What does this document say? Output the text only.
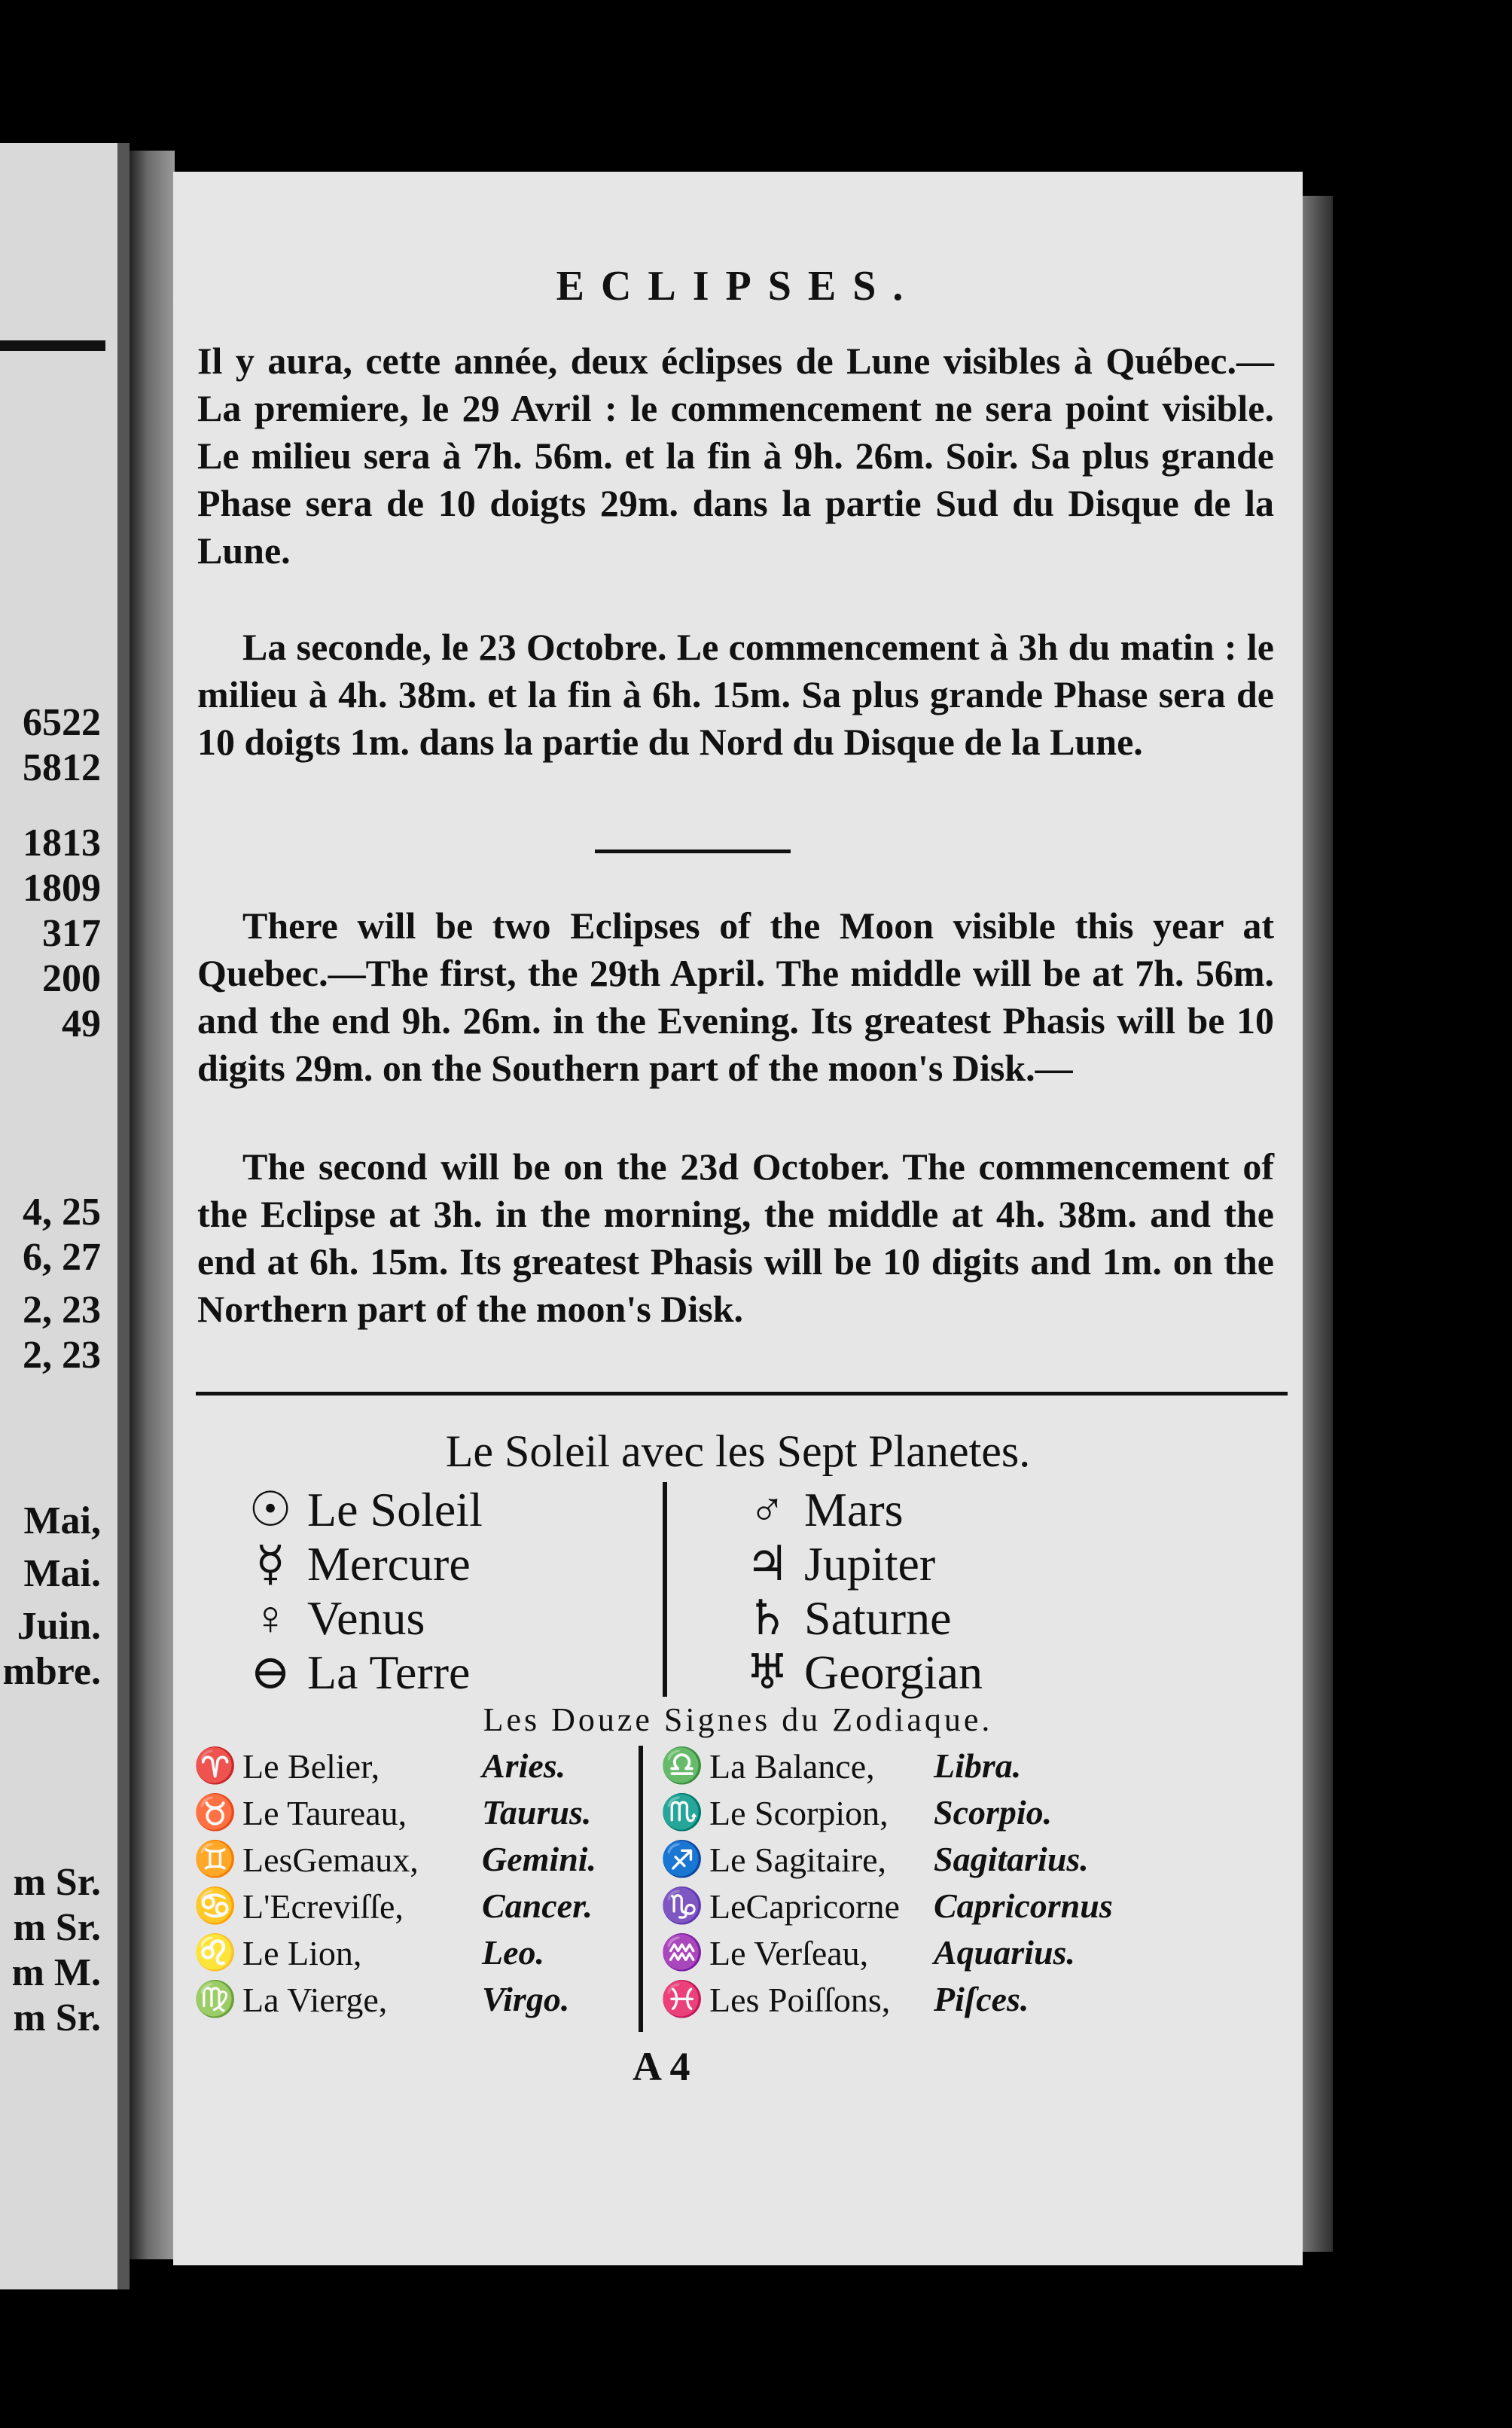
6522
5812
1813
1809
317
200
49
4, 25
6, 27
2, 23
2, 23
Mai,
Mai.
Juin.
mbre.
m Sr.
m Sr.
m M.
m Sr.
ECLIPSES.

Il y aura, cette année, deux éclipses de Lune visibles à Québec.—La premiere, le 29 Avril : le commencement ne sera point visible. Le milieu sera à 7h. 56m. et la fin à 9h. 26m. Soir. Sa plus grande Phase sera de 10 doigts 29m. dans la partie Sud du Disque de la Lune.

La seconde, le 23 Octobre. Le commencement à 3h du matin : le milieu à 4h. 38m. et la fin à 6h. 15m. Sa plus grande Phase sera de 10 doigts 1m. dans la partie du Nord du Disque de la Lune.

There will be two Eclipses of the Moon visible this year at Quebec.—The first, the 29th April. The middle will be at 7h. 56m. and the end 9h. 26m. in the Evening. Its greatest Phasis will be 10 digits 29m. on the Southern part of the moon's Disk.—

The second will be on the 23d October. The commencement of the Eclipse at 3h. in the morning, the middle at 4h. 38m. and the end at 6h. 15m. Its greatest Phasis will be 10 digits and 1m. on the Northern part of the moon's Disk.

Le Soleil avec les Sept Planetes.
☉ Le Soleil
☿ Mercure
♀ Venus
⊖ La Terre
♂ Mars
♃ Jupiter
♄ Saturne
♅ Georgian
Les Douze Signes du Zodiaque.
♈ Le Belier,	Aries.
♉ Le Taureau, Taurus.
♊ LesGemaux, Gemini.
♋ L'Ecreviſſe, Cancer.
♌ Le Lion,	Leo.
♍ La Vierge,	Virgo.
♎ La Balance, Libra.
♏ Le Scorpion, Scorpio.
♐ Le Sagitaire, Sagitarius.
♑ LeCapricorne Capricornus
♒ Le Verſeau, Aquarius.
♓ Les Poiſſons, Piſces.
A 4
